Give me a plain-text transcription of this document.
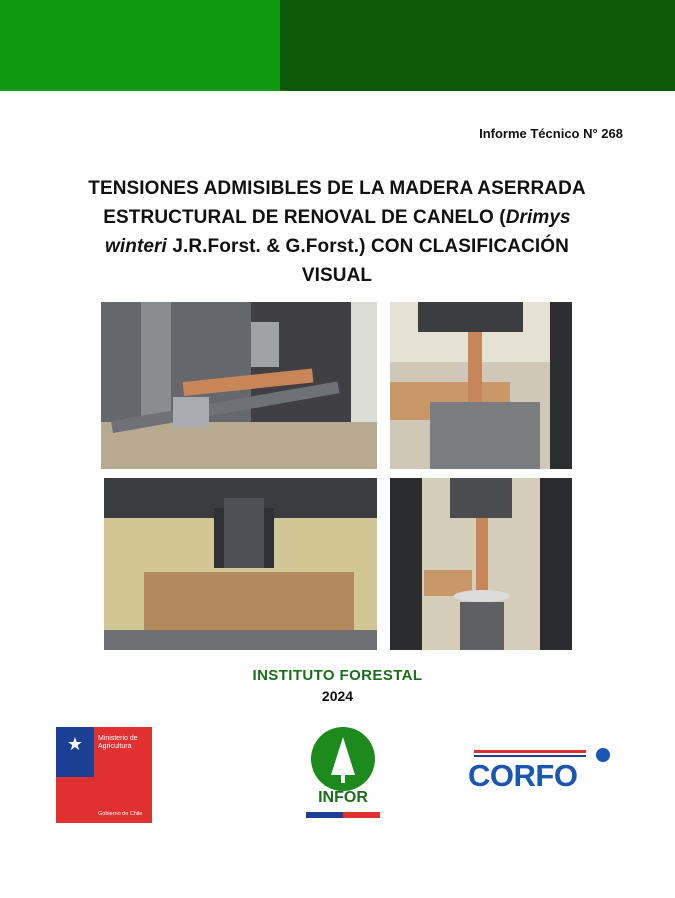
Informe Técnico N° 268
TENSIONES ADMISIBLES DE LA MADERA ASERRADA
ESTRUCTURAL DE RENOVAL DE CANELO (Drimys
winteri J.R.Forst. & G.Forst.) CON CLASIFICACIÓN
VISUAL
INSTITUTO FORESTAL
2024
★	Ministerio de
Agricultura
Gobierno de Chile
INFOR
CORFO
